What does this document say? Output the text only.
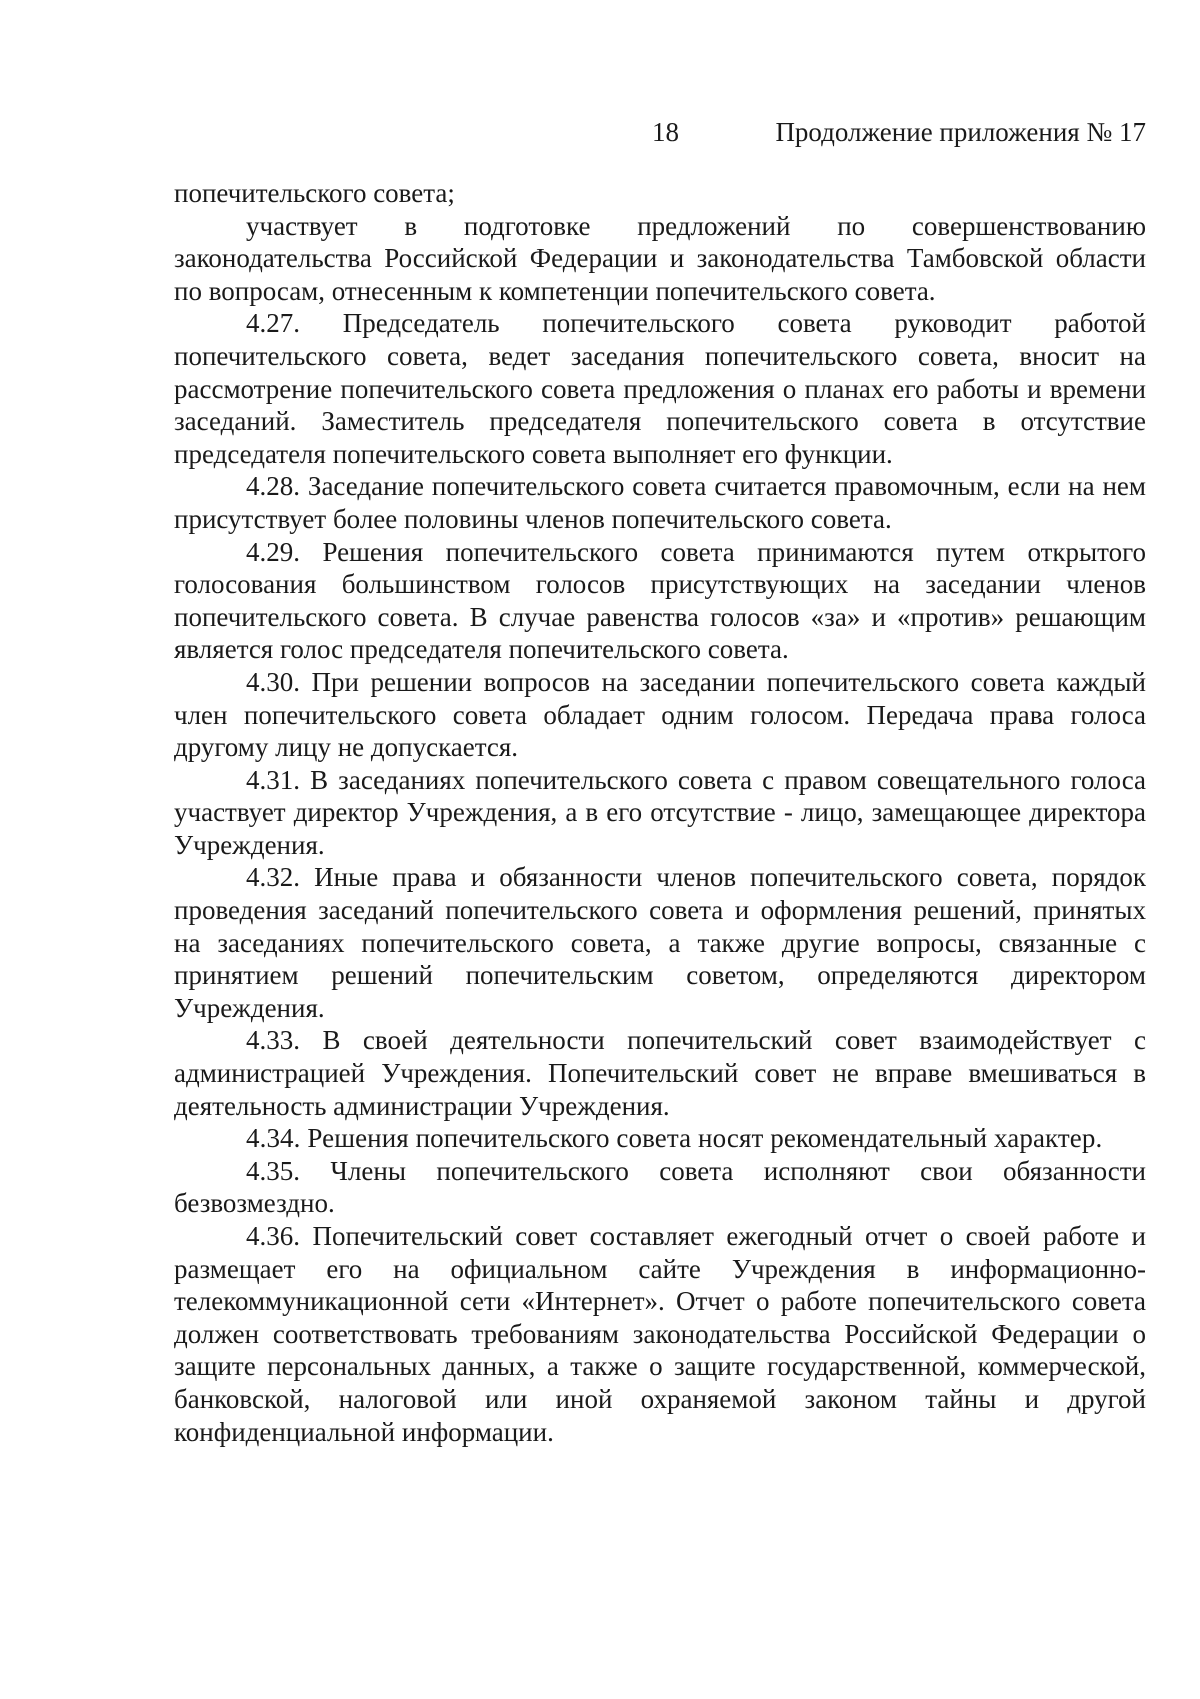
18	Продолжение приложения № 17

попечительского совета;

участвует в подготовке предложений по совершенствованию законодательства Российской Федерации и законодательства Тамбовской области по вопросам, отнесенным к компетенции попечительского совета.

4.27. Председатель попечительского совета руководит работой попечительского совета, ведет заседания попечительского совета, вносит на рассмотрение попечительского совета предложения о планах его работы и времени заседаний. Заместитель председателя попечительского совета в отсутствие председателя попечительского совета выполняет его функции.

4.28. Заседание попечительского совета считается правомочным, если на нем присутствует более половины членов попечительского совета.

4.29. Решения попечительского совета принимаются путем открытого голосования большинством голосов присутствующих на заседании членов попечительского совета. В случае равенства голосов «за» и «против» решающим является голос председателя попечительского совета.

4.30. При решении вопросов на заседании попечительского совета каждый член попечительского совета обладает одним голосом. Передача права голоса другому лицу не допускается.

4.31. В заседаниях попечительского совета с правом совещательного голоса участвует директор Учреждения, а в его отсутствие - лицо, замещающее директора Учреждения.

4.32. Иные права и обязанности членов попечительского совета, порядок проведения заседаний попечительского совета и оформления решений, принятых на заседаниях попечительского совета, а также другие вопросы, связанные с принятием решений попечительским советом, определяются директором Учреждения.

4.33. В своей деятельности попечительский совет взаимодействует с администрацией Учреждения. Попечительский совет не вправе вмешиваться в деятельность администрации Учреждения.

4.34. Решения попечительского совета носят рекомендательный характер.

4.35. Члены попечительского совета исполняют свои обязанности безвозмездно.

4.36. Попечительский совет составляет ежегодный отчет о своей работе и размещает его на официальном сайте Учреждения в информационно-телекоммуникационной сети «Интернет». Отчет о работе попечительского совета должен соответствовать требованиям законодательства Российской Федерации о защите персональных данных, а также о защите государственной, коммерческой, банковской, налоговой или иной охраняемой законом тайны и другой конфиденциальной информации.
